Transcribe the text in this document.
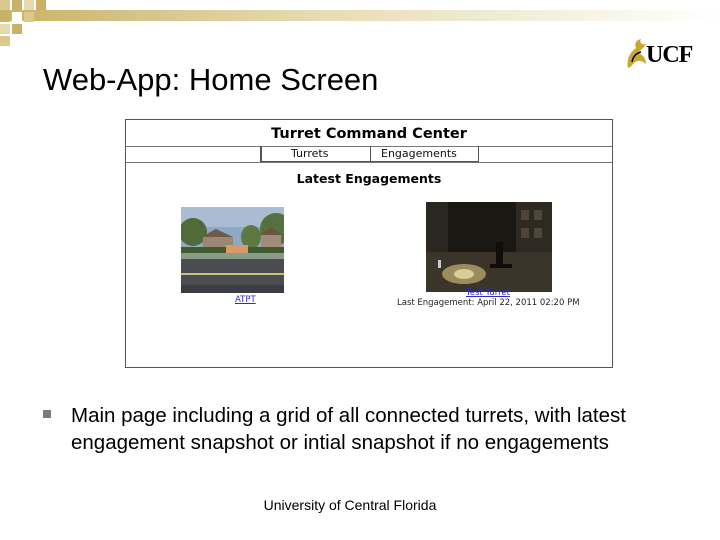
Web-App: Home Screen
UCF
Turret Command Center
Turrets	Engagements
Latest Engagements
ATPT
Test Turret
Last Engagement: April 22, 2011 02:20 PM
Main page including a grid of all connected turrets, with latest engagement snapshot or intial snapshot if no engagements
University of Central Florida
